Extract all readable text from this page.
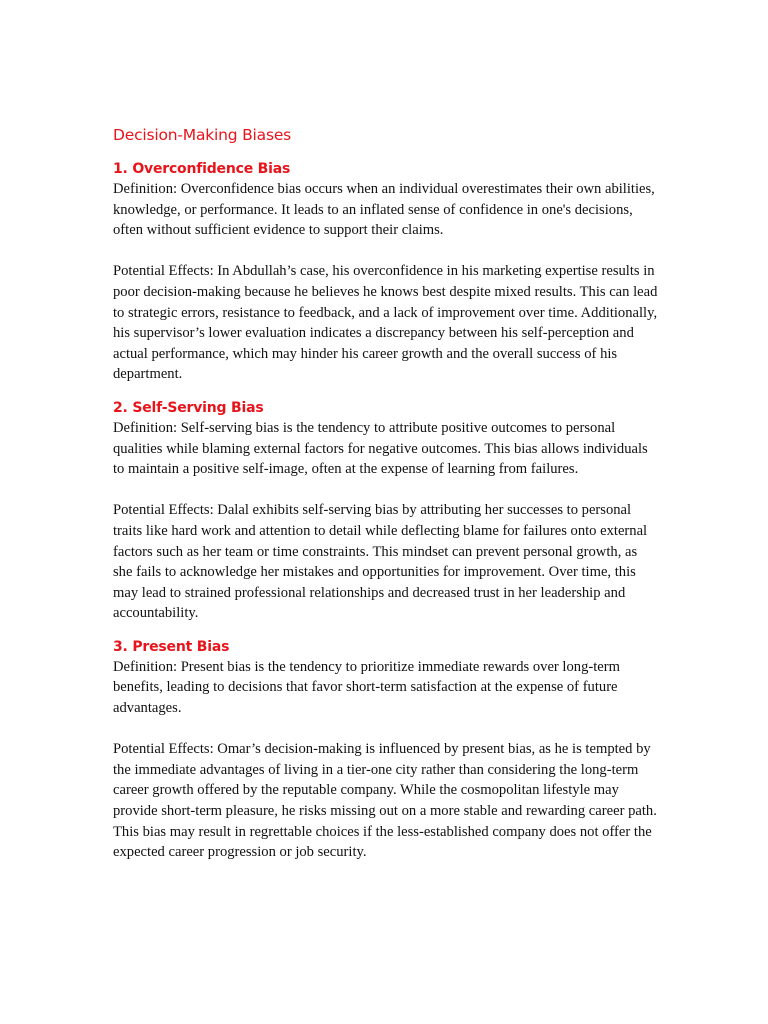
Decision-Making Biases
1. Overconfidence Bias

Definition: Overconfidence bias occurs when an individual overestimates their own abilities, knowledge, or performance. It leads to an inflated sense of confidence in one's decisions, often without sufficient evidence to support their claims.

Potential Effects: In Abdullah’s case, his overconfidence in his marketing expertise results in poor decision-making because he believes he knows best despite mixed results. This can lead to strategic errors, resistance to feedback, and a lack of improvement over time. Additionally, his supervisor’s lower evaluation indicates a discrepancy between his self-perception and actual performance, which may hinder his career growth and the overall success of his department.

2. Self-Serving Bias

Definition: Self-serving bias is the tendency to attribute positive outcomes to personal qualities while blaming external factors for negative outcomes. This bias allows individuals to maintain a positive self-image, often at the expense of learning from failures.

Potential Effects: Dalal exhibits self-serving bias by attributing her successes to personal traits like hard work and attention to detail while deflecting blame for failures onto external factors such as her team or time constraints. This mindset can prevent personal growth, as she fails to acknowledge her mistakes and opportunities for improvement. Over time, this may lead to strained professional relationships and decreased trust in her leadership and accountability.

3. Present Bias

Definition: Present bias is the tendency to prioritize immediate rewards over long-term benefits, leading to decisions that favor short-term satisfaction at the expense of future advantages.

Potential Effects: Omar’s decision-making is influenced by present bias, as he is tempted by the immediate advantages of living in a tier-one city rather than considering the long-term career growth offered by the reputable company. While the cosmopolitan lifestyle may provide short-term pleasure, he risks missing out on a more stable and rewarding career path. This bias may result in regrettable choices if the less-established company does not offer the expected career progression or job security.
